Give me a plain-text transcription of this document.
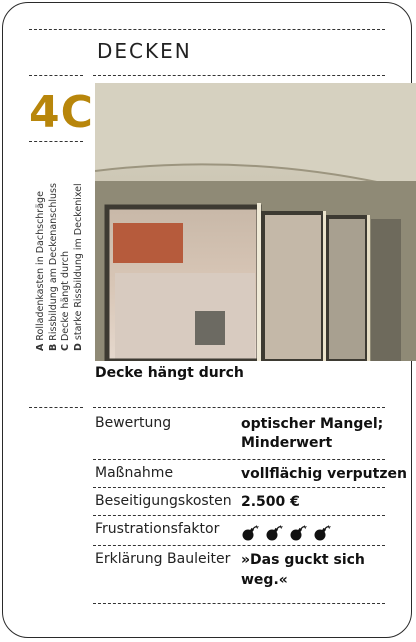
DECKEN
4C
ARolladenkasten in Dachschräge
BRissbildung am Deckenanschluss
CDecke hängt durch
Dstarke Rissbildung im Deckenixel
Decke hängt durch
Bewertung	optischer Mangel;
Minderwert
Maßnahme	vollflächig verputzen
Beseitigungskosten 2.500 €
Frustrationsfaktor
Erklärung Bauleiter »Das guckt sich
weg.«
